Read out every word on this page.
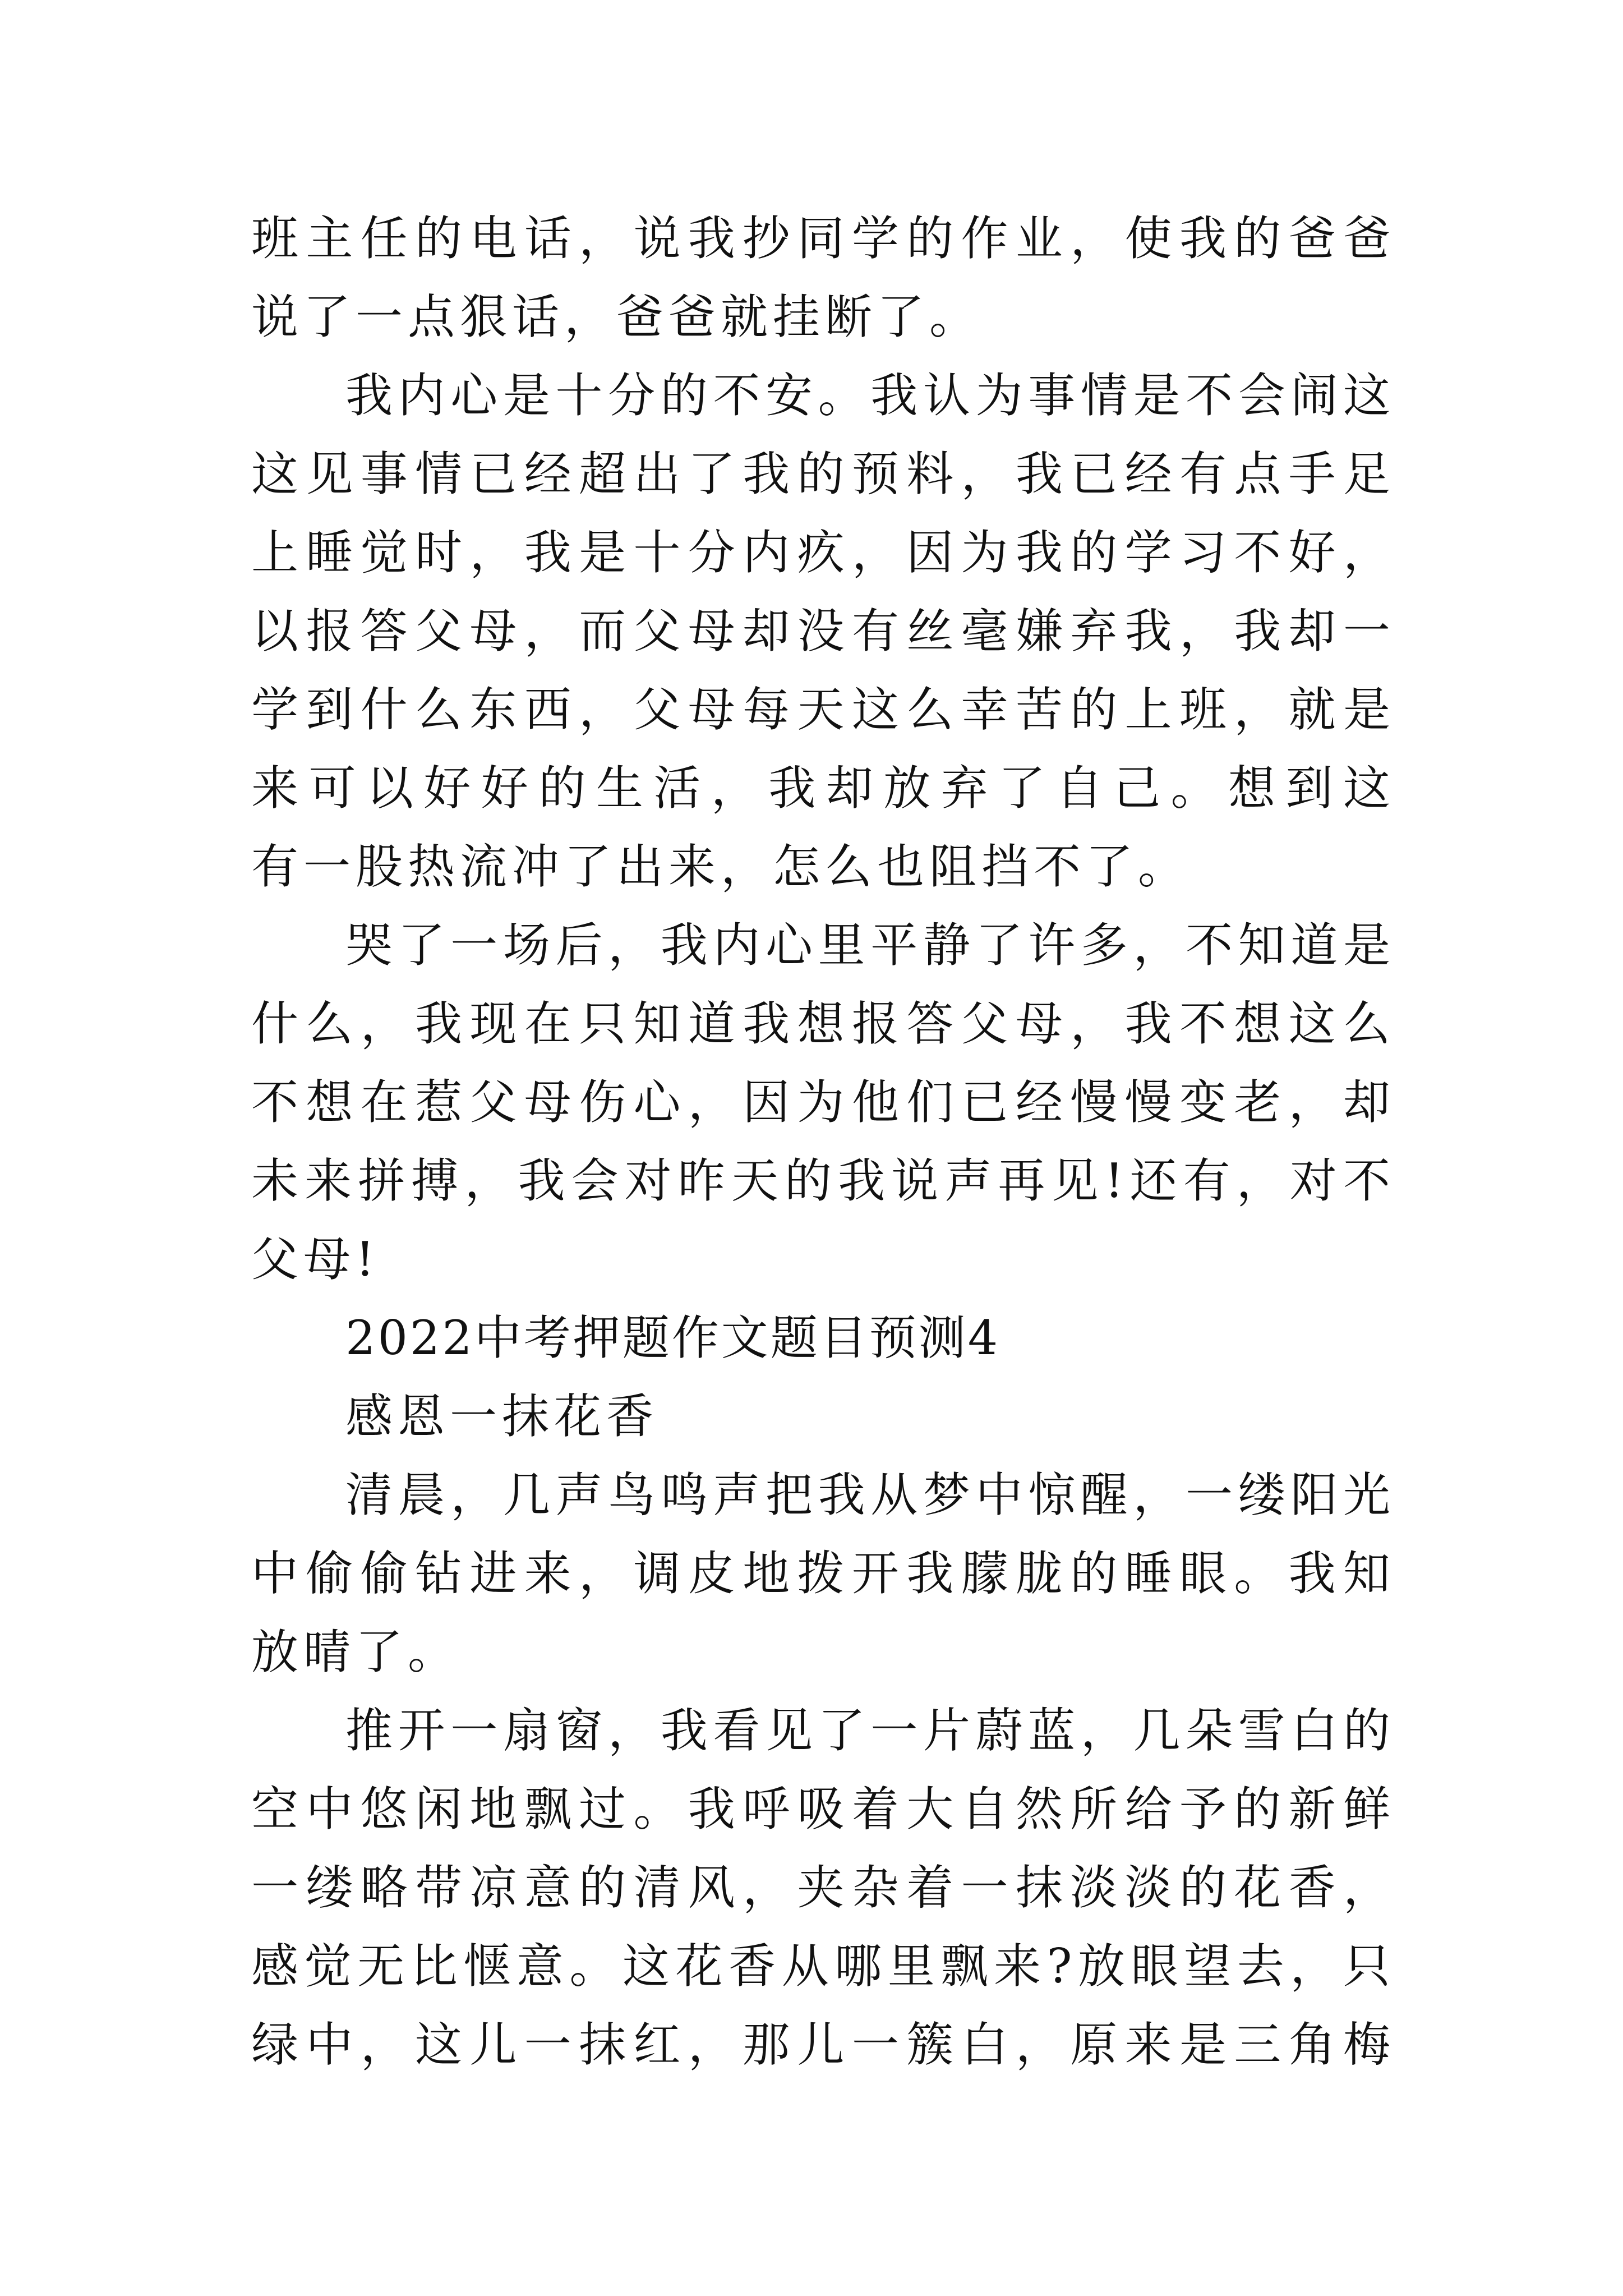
班主任的电话，说我抄同学的作业，使我的爸爸
说了一点狠话，爸爸就挂断了。
我内心是十分的不安。我认为事情是不会闹这
这见事情已经超出了我的预料，我已经有点手足
上睡觉时，我是十分内疚，因为我的学习不好，
以报答父母，而父母却没有丝毫嫌弃我，我却一
学到什么东西，父母每天这么幸苦的上班，就是
来可以好好的生活，我却放弃了自己。想到这
有一股热流冲了出来，怎么也阻挡不了。
哭了一场后，我内心里平静了许多，不知道是
什么，我现在只知道我想报答父母，我不想这么
不想在惹父母伤心，因为他们已经慢慢变老，却
未来拼搏，我会对昨天的我说声再见!还有，对不
父母!
2022中考押题作文题目预测4
感恩一抹花香
清晨，几声鸟鸣声把我从梦中惊醒，一缕阳光
中偷偷钻进来，调皮地拨开我朦胧的睡眼。我知
放晴了。
推开一扇窗，我看见了一片蔚蓝，几朵雪白的
空中悠闲地飘过。我呼吸着大自然所给予的新鲜
一缕略带凉意的清风，夹杂着一抹淡淡的花香，
感觉无比惬意。这花香从哪里飘来?放眼望去，只
绿中，这儿一抹红，那儿一簇白，原来是三角梅
